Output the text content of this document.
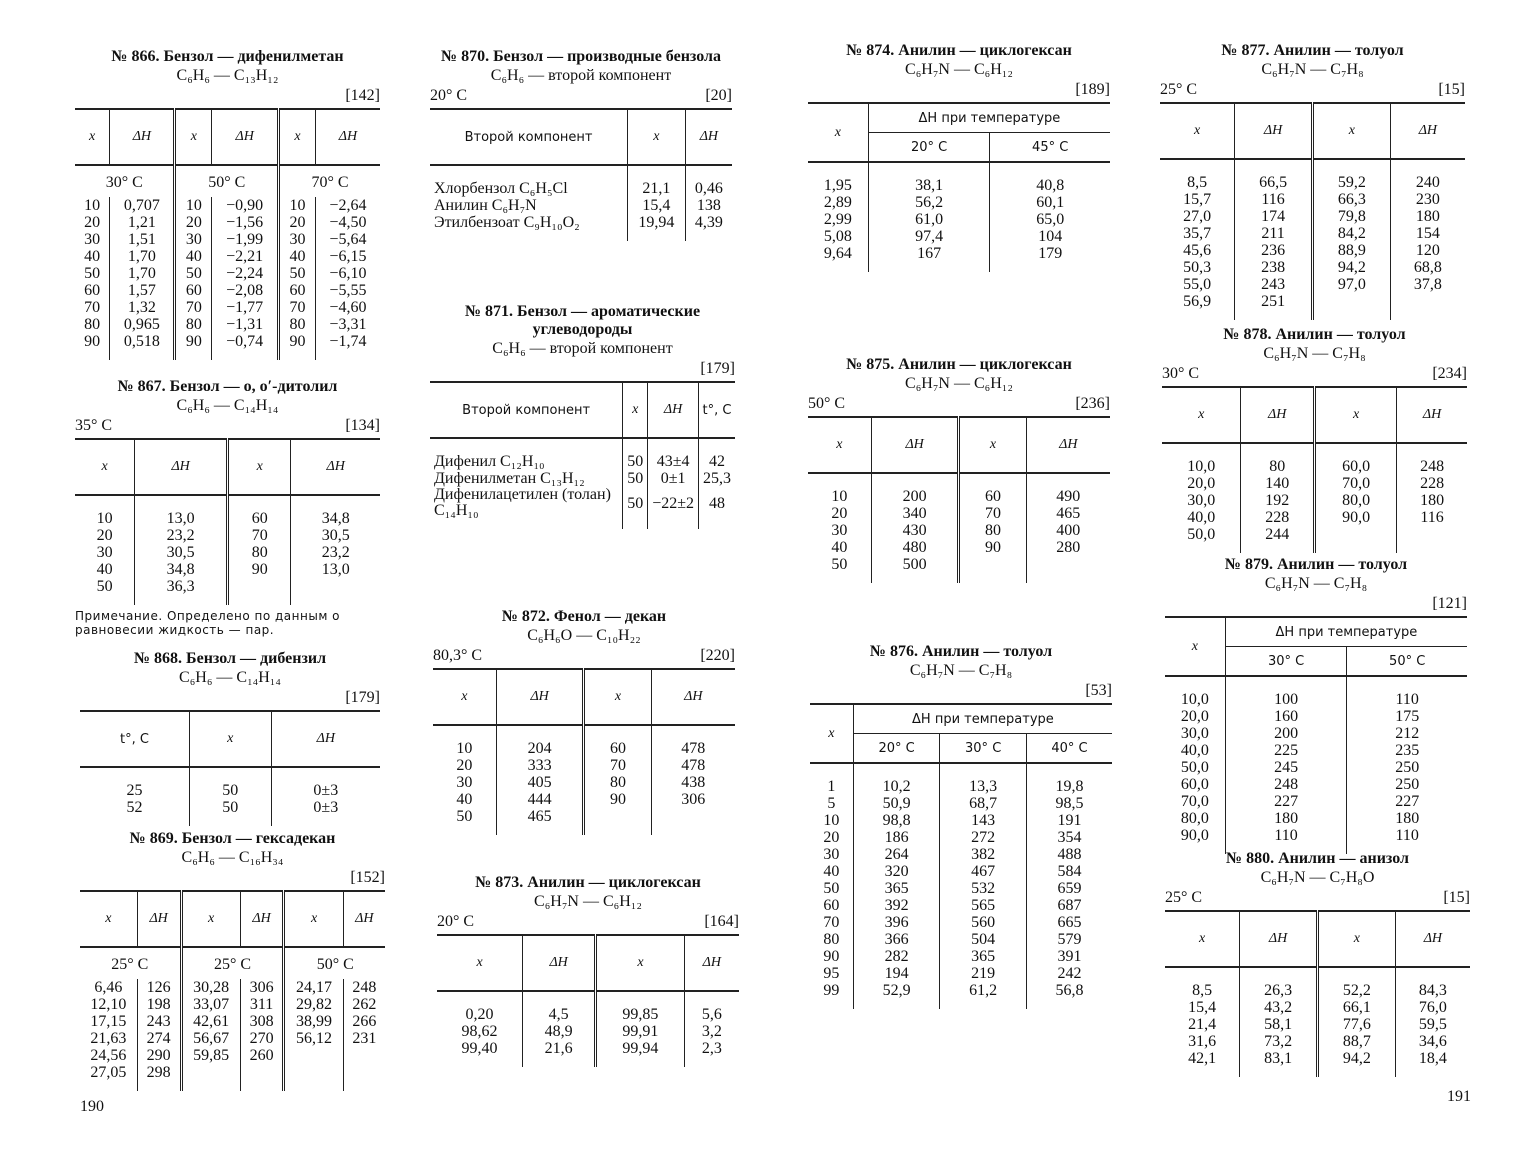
№ 866. Бензол — дифенилметан
C₆H₆ — C₁₃H₁₂
[142]
x	ΔH	x	ΔH	x	ΔH
30° C		50° C		70° C	
10	0,707	10	−0,90	10	−2,64
20	1,21	20	−1,56	20	−4,50
30	1,51	30	−1,99	30	−5,64
40	1,70	40	−2,21	40	−6,15
50	1,70	50	−2,24	50	−6,10
60	1,57	60	−2,08	60	−5,55
70	1,32	70	−1,77	70	−4,60
80	0,965	80	−1,31	80	−3,31
90	0,518	90	−0,74	90	−1,74
№ 867. Бензол — o, o′-дитолил
C₆H₆ — C₁₄H₁₄
35° C	[134]
x	ΔH	x	ΔH
10	13,0	60	34,8
20	23,2	70	30,5
30	30,5	80	23,2
40	34,8	90	13,0
50	36,3		
Примечание. Определено по данным о равновесии жидкость — пар.
№ 868. Бензол — дибензил
C₆H₆ — C₁₄H₁₄
[179]
t°, C	x	ΔH
25	50	0±3
52	50	0±3
№ 869. Бензол — гексадекан
C₆H₆ — C₁₆H₃₄
[152]
x	ΔH	x	ΔH	x	ΔH
25° C		25° C		50° C	
6,46	126	30,28	306	24,17	248
12,10	198	33,07	311	29,82	262
17,15	243	42,61	308	38,99	266
21,63	274	56,67	270	56,12	231
24,56	290	59,85	260		
27,05	298				
№ 870. Бензол — производные бензола
C₆H₆ — второй компонент
20° C	[20]
Второй компонент	x	ΔH
Хлорбензол C₆H₅Cl	21,1	0,46
Анилин C₆H₇N	15,4	138
Этилбензоат C₉H₁₀O₂	19,94	4,39
№ 871. Бензол — ароматические углеводороды
C₆H₆ — второй компонент
[179]
Второй компонент	x	ΔH	t°, C
Дифенил C₁₂H₁₀	50	43±4	42
Дифенилметан C₁₃H₁₂	50	0±1	25,3
Дифенилацетилен (толан) C₁₄H₁₀	50	−22±2	48
№ 872. Фенол — декан
C₆H₆O — C₁₀H₂₂
80,3° C	[220]
x	ΔH	x	ΔH
10	204	60	478
20	333	70	478
30	405	80	438
40	444	90	306
50	465		
№ 873. Анилин — циклогексан
C₆H₇N — C₆H₁₂
20° C	[164]
x	ΔH	x	ΔH
0,20	4,5	99,85	5,6
98,62	48,9	99,91	3,2
99,40	21,6	99,94	2,3
№ 874. Анилин — циклогексан
C₆H₇N — C₆H₁₂
[189]
x	ΔH при температуре	
	20° C	45° C
1,95	38,1	40,8
2,89	56,2	60,1
2,99	61,0	65,0
5,08	97,4	104
9,64	167	179
№ 875. Анилин — циклогексан
C₆H₇N — C₆H₁₂
50° C	[236]
x	ΔH	x	ΔH
10	200	60	490
20	340	70	465
30	430	80	400
40	480	90	280
50	500		
№ 876. Анилин — толуол
C₆H₇N — C₇H₈
[53]
x	ΔH при температуре		
	20° C	30° C	40° C
1	10,2	13,3	19,8
5	50,9	68,7	98,5
10	98,8	143	191
20	186	272	354
30	264	382	488
40	320	467	584
50	365	532	659
60	392	565	687
70	396	560	665
80	366	504	579
90	282	365	391
95	194	219	242
99	52,9	61,2	56,8
№ 877. Анилин — толуол
C₆H₇N — C₇H₈
25° C	[15]
x	ΔH	x	ΔH
8,5	66,5	59,2	240
15,7	116	66,3	230
27,0	174	79,8	180
35,7	211	84,2	154
45,6	236	88,9	120
50,3	238	94,2	68,8
55,0	243	97,0	37,8
56,9	251		
№ 878. Анилин — толуол
C₆H₇N — C₇H₈
30° C	[234]
x	ΔH	x	ΔH
10,0	80	60,0	248
20,0	140	70,0	228
30,0	192	80,0	180
40,0	228	90,0	116
50,0	244		
№ 879. Анилин — толуол
C₆H₇N — C₇H₈
[121]
x	ΔH при температуре	
	30° C	50° C
10,0	100	110
20,0	160	175
30,0	200	212
40,0	225	235
50,0	245	250
60,0	248	250
70,0	227	227
80,0	180	180
90,0	110	110
№ 880. Анилин — анизол
C₆H₇N — C₇H₈O
25° C	[15]
x	ΔH	x	ΔH
8,5	26,3	52,2	84,3
15,4	43,2	66,1	76,0
21,4	58,1	77,6	59,5
31,6	73,2	88,7	34,6
42,1	83,1	94,2	18,4
190
191
